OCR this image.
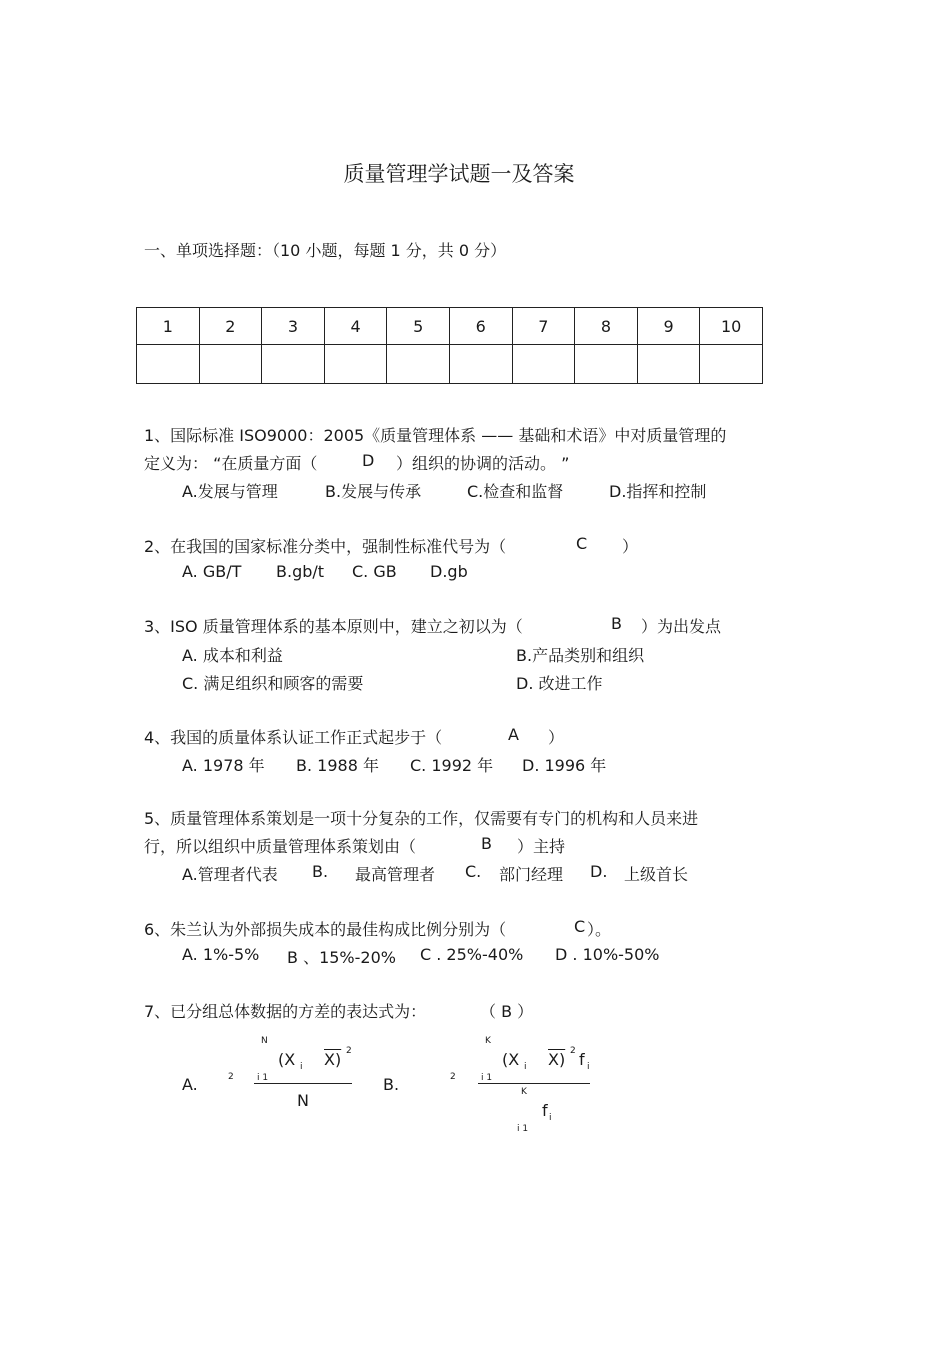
质量管理学试题一及答案
一、单项选择题：（10 小题，每题 1 分，共 0 分）
1	2	3	4	5	6	7	8	9	10

1、国际标准 ISO9000：2005《质量管理体系 —— 基础和术语》中对质量管理的
定义为： “在质量方面（	D ）组织的协调的活动。 ”
A.发展与管理	B.发展与传承	C.检查和监督	D.指挥和控制
2、在我国的国家标准分类中，强制性标准代号为（	C ）
A. GB/T B.gb/t C. GB D.gb
3、ISO 质量管理体系的基本原则中，建立之初以为（	B ）为出发点
A. 成本和利益	B.产品类别和组织
C. 满足组织和顾客的需要	D. 改进工作
4、我国的质量体系认证工作正式起步于（	A ）
A. 1978 年 B. 1988 年 C. 1992 年 D. 1996 年
5、质量管理体系策划是一项十分复杂的工作，仅需要有专门的机构和人员来进
行，所以组织中质量管理体系策划由（	B ）主持
A.管理者代表 B. 最高管理者 C. 部门经理 D. 上级首长
6、朱兰认为外部损失成本的最佳构成比例分别为（	C ）。
A. 1%-5% B 、15%-20% C . 25%-40% D . 10%-50%
7、已分组总体数据的方差的表达式为：	（ B ）
A.	2
N
i 1
(X i X) 2
N
B.	2
K
i 1
(X i X) 2 f i
K
f i
i 1
